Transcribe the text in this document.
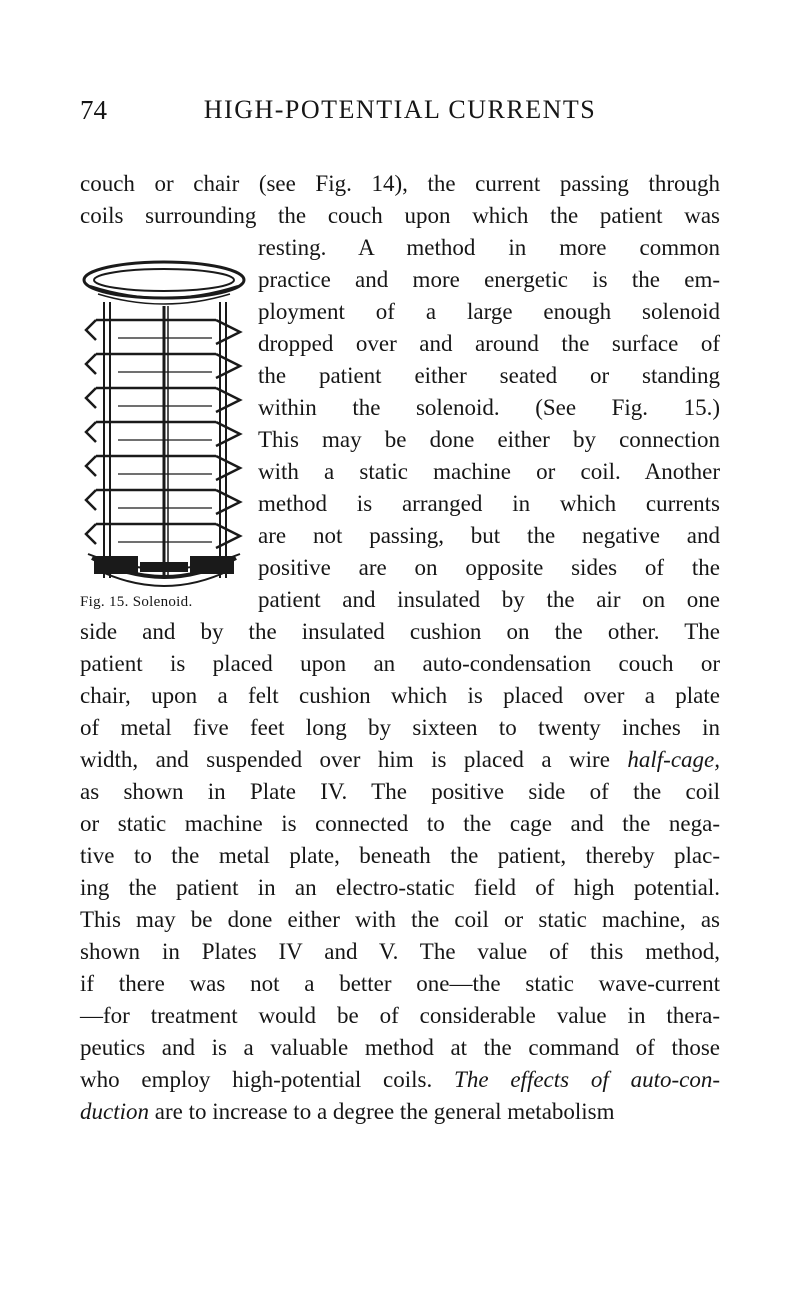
74	HIGH-POTENTIAL CURRENTS
couch or chair (see Fig. 14), the current passing through
coils surrounding the couch upon which the patient was
resting. A method in more common
practice and more energetic is the em-
ployment of a large enough solenoid
dropped over and around the surface of
the patient either seated or standing
within the solenoid. (See Fig. 15.)
This may be done either by connection
with a static machine or coil. Another
method is arranged in which currents
are not passing, but the negative and
positive are on opposite sides of the
Fig. 15. Solenoid.	patient and insulated by the air on one
side and by the insulated cushion on the other. The
patient is placed upon an auto-condensation couch or
chair, upon a felt cushion which is placed over a plate
of metal five feet long by sixteen to twenty inches in
width, and suspended over him is placed a wire half-cage,
as shown in Plate IV. The positive side of the coil
or static machine is connected to the cage and the nega-
tive to the metal plate, beneath the patient, thereby plac-
ing the patient in an electro-static field of high potential.
This may be done either with the coil or static machine, as
shown in Plates IV and V. The value of this method,
if there was not a better one—the static wave-current
—for treatment would be of considerable value in thera-
peutics and is a valuable method at the command of those
who employ high-potential coils. The effects of auto-con-
duction are to increase to a degree the general metabolism
